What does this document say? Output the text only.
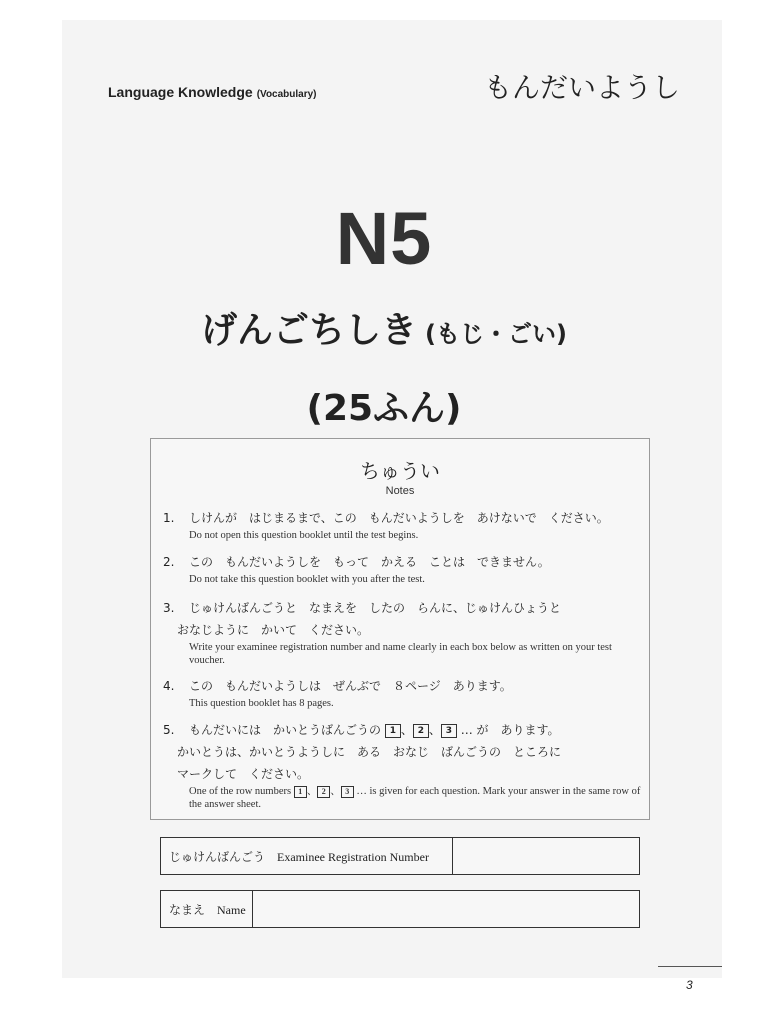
Language Knowledge (Vocabulary)	もんだいようし
N5
げんごちしき (もじ・ごい)
(25ふん)
ちゅうい
Notes
1. しけんが　はじまるまで、この　もんだいようしを　あけないで　ください。
Do not open this question booklet until the test begins.
2. この　もんだいようしを　もって　かえる　ことは　できません。
Do not take this question booklet with you after the test.
3. じゅけんばんごうと　なまえを　したの　らんに、じゅけんひょうと
おなじように　かいて　ください。
Write your examinee registration number and name clearly in each box below as written on your test voucher.
4. この　もんだいようしは　ぜんぶで　８ページ　あります。
This question booklet has 8 pages.
5. もんだいには　かいとうばんごうの 1 、 2 、 3 … が　あります。
かいとうは、かいとうようしに　ある　おなじ　ばんごうの　ところに
マークして　ください。
One of the row numbers 1 、 2 、 3 … is given for each question. Mark your answer in the same row of the answer sheet.
じゅけんばんごう　Examinee Registration Number
なまえ　Name
3
